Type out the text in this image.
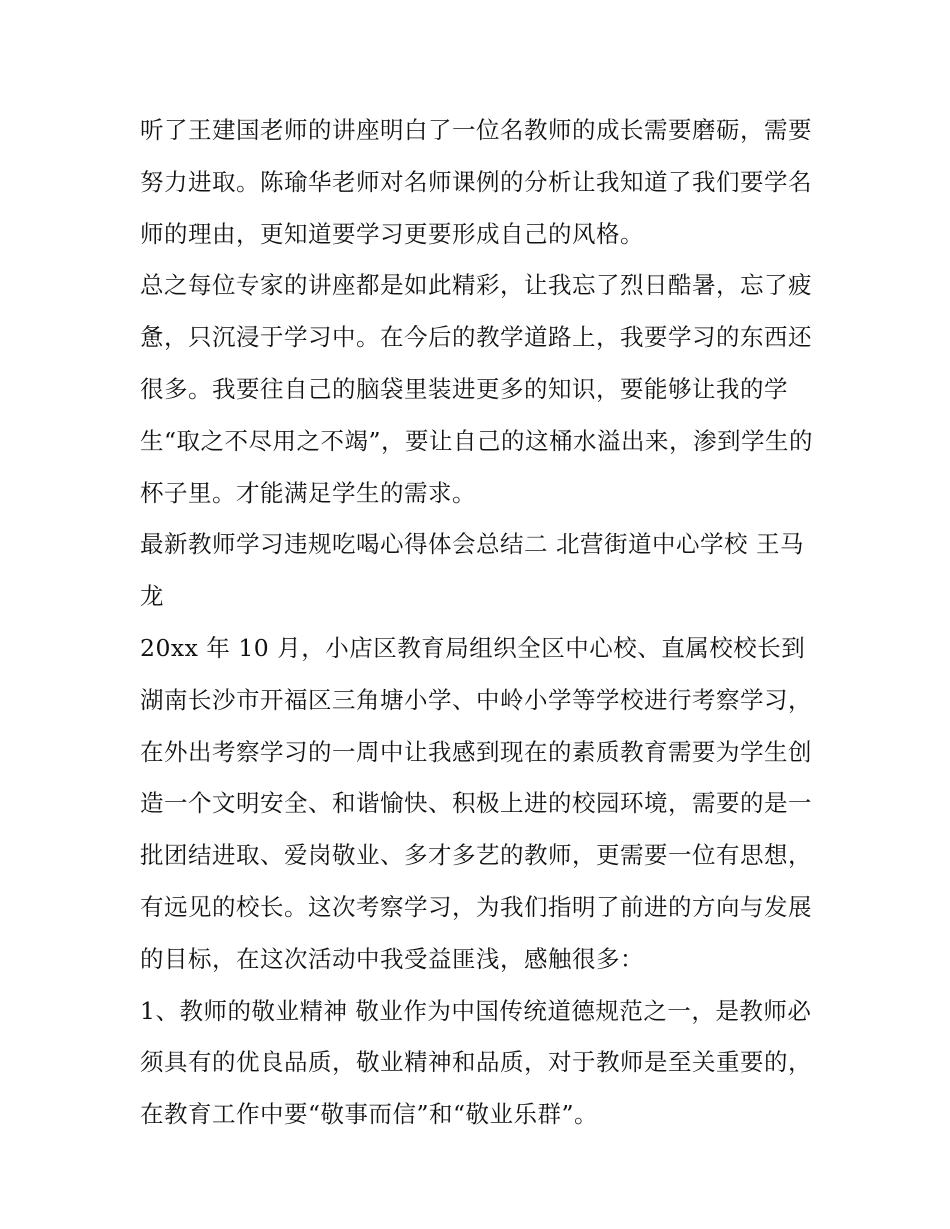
听了王建国老师的讲座明白了一位名教师的成长需要磨砺，需要努力进取。陈瑜华老师对名师课例的分析让我知道了我们要学名师的理由，更知道要学习更要形成自己的风格。

总之每位专家的讲座都是如此精彩，让我忘了烈日酷暑，忘了疲惫，只沉浸于学习中。在今后的教学道路上，我要学习的东西还很多。我要往自己的脑袋里装进更多的知识，要能够让我的学生“取之不尽用之不竭”，要让自己的这桶水溢出来，渗到学生的杯子里。才能满足学生的需求。

最新教师学习违规吃喝心得体会总结二 北营街道中心学校 王马龙

20xx 年 10 月，小店区教育局组织全区中心校、直属校校长到湖南长沙市开福区三角塘小学、中岭小学等学校进行考察学习，在外出考察学习的一周中让我感到现在的素质教育需要为学生创造一个文明安全、和谐愉快、积极上进的校园环境，需要的是一批团结进取、爱岗敬业、多才多艺的教师，更需要一位有思想，有远见的校长。这次考察学习，为我们指明了前进的方向与发展的目标，在这次活动中我受益匪浅，感触很多：

1、教师的敬业精神 敬业作为中国传统道德规范之一，是教师必须具有的优良品质，敬业精神和品质，对于教师是至关重要的，在教育工作中要“敬事而信”和“敬业乐群”。
